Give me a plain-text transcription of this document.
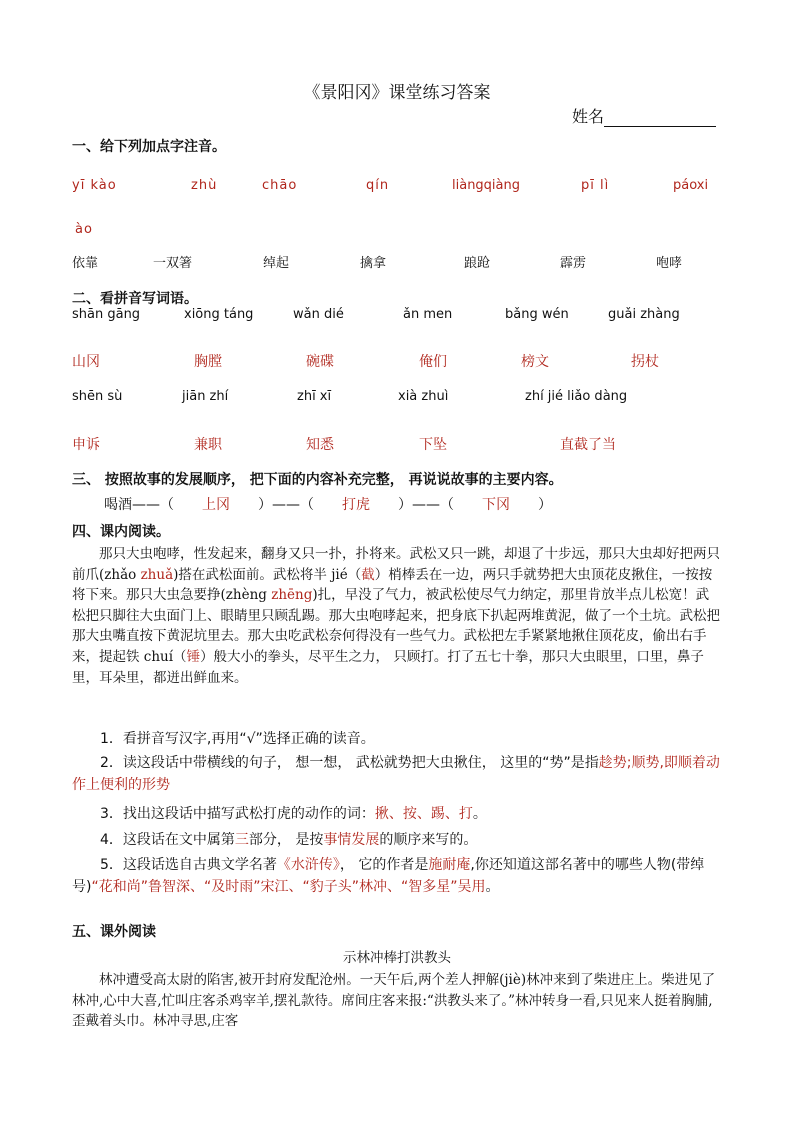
《景阳冈》课堂练习答案
姓名
一、给下列加点字注音。
yī kào	zhù	chāo	qín	liàngqiàng	pī lì	páoxi
ào
依靠	一双箸	绰起	擒拿	踉跄	霹雳	咆哮
二、看拼音写词语。
shān gāng	xiōng táng	wǎn dié	ǎn men	bǎng wén	guǎi zhàng
山冈	胸膛	碗碟	俺们	榜文	拐杖
shēn sù	jiān zhí	zhī xī	xià zhuì	zhí jié liǎo dàng
申诉	兼职	知悉	下坠	直截了当
三、 按照故事的发展顺序， 把下面的内容补充完整， 再说说故事的主要内容。
喝酒——（ 上冈 ）——（ 打虎 ）——（ 下冈 ）
四、课内阅读。

那只大虫咆哮，性发起来，翻身又只一扑，扑将来。武松又只一跳，却退了十步远，那只大虫却好把两只前爪(zhǎo zhuǎ)搭在武松面前。武松将半 jié（截）梢棒丢在一边，两只手就势把大虫顶花皮揪住，一按按将下来。那只大虫急要挣(zhèng zhēng)扎，早没了气力，被武松使尽气力纳定，那里肯放半点儿松宽！武松把只脚往大虫面门上、眼睛里只顾乱踢。那大虫咆哮起来，把身底下扒起两堆黄泥，做了一个土坑。武松把那大虫嘴直按下黄泥坑里去。那大虫吃武松奈何得没有一些气力。武松把左手紧紧地揪住顶花皮，偷出右手来，提起铁 chuí（锤）般大小的拳头，尽平生之力， 只顾打。打了五七十拳，那只大虫眼里，口里，鼻子里，耳朵里，都迸出鲜血来。

1．看拼音写汉字,再用“√”选择正确的读音。
2．读这段话中带横线的句子， 想一想， 武松就势把大虫揪住， 这里的“势”是指趁势;顺势,即顺着动作上便利的形势
3．找出这段话中描写武松打虎的动作的词：揪、按、踢、打。
4．这段话在文中属第三部分， 是按事情发展的顺序来写的。
5．这段话选自古典文学名著《水浒传》， 它的作者是施耐庵,你还知道这部名著中的哪些人物(带绰号)“花和尚”鲁智深、“及时雨”宋江、“豹子头”林冲、“智多星”吴用。
五、课外阅读
示林冲棒打洪教头

林冲遭受高太尉的陷害,被开封府发配沧州。一天午后,两个差人押解(jiè)林冲来到了柴进庄上。柴进见了林冲,心中大喜,忙叫庄客杀鸡宰羊,摆礼款待。席间庄客来报:“洪教头来了。”林冲转身一看,只见来人挺着胸脯,歪戴着头巾。林冲寻思,庄客
